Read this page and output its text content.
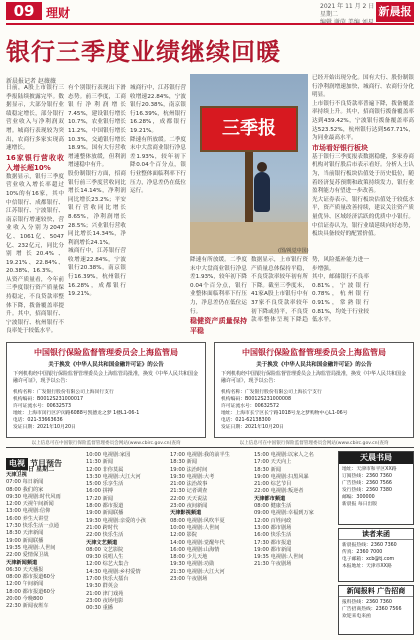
09 理财	2021 年 11 月 2 日 星期二	新晨报
银行三季度业绩继续回暖
新晨报记者 赵薇薇

日前，A股上市银行三季报陆续披露完毕。数据显示，大部分银行业绩稳定增长，部分银行营业收入与净利润双增。城商行表现较为突出，农商行多家实现高速增长。

16家银行营收收入增长超10%

数据显示，银行三季度营业收入增长率超过10%的有16家，其中中信银行、成都银行、江苏银行、宁波银行、南京银行增速较快，营业收入分别为2047亿、1061亿、5047亿、232亿元，同比分别增长20.4%、19.21%、22.84%、20.38%、16.3%。

从资产质量看，今年前三季度银行资产质量保持稳定，不良贷款率整体下降，拨备覆盖率提升。其中，招商银行、宁波银行、杭州银行不良率处于较低水平。

有个别银行表现出下滑态势。前三季度，工商银行净利润增长7.45%，建设银行增长10.7%，农业银行增长11.2%，中国银行增长10.3%，交通银行增长18.9%。国有大行营收增速整体放缓，但利润增速稳中有升。

股份制银行方面，招商银行前三季度营收同比增长14.14%，净利润同比增长23.2%；平安银行营收同比增长8.65%，净利润增长28.5%；兴业银行营收同比增长14.34%，净利润增长24.1%。

城商行中，江苏银行营收增速22.84%，宁波银行20.38%，南京银行16.39%，杭州银行16.28%，成都银行19.21%。

城商行中，江苏银行营收增速22.84%，宁波银行20.38%，南京银行16.39%，杭州银行16.28%，成都银行19.21%。

降速有所放缓。二季度末中大盘商业银行净息差1.93%，较年初下降0.04个百分点，银行业整体面临利率下行压力，净息差仍在低位运行。

三季报
(图/视觉中国)

降速有所放缓。二季度末中大盘商业银行净息差1.93%，较年初下降0.04个百分点，银行业整体面临利率下行压力，净息差仍在低位运行。

稳健资产质量保持平稳

数据显示，上市银行资产质量总体保持平稳，不良贷款率较年初有所下降。截至三季度末，41家A股上市银行中有37家不良贷款率较年初下降或持平，不良贷款率整体呈现下降趋势，风险抵补能力进一步增强。

其中，邮储银行不良率0.81%，宁波银行0.78%，杭州银行0.91%，常熟银行0.81%，均处于行业较低水平。

已经开始出现分化。国有大行、股份制银行净利润增速加快，城商行、农商行分化明显。

上市银行不良贷款率普遍下降，拨备覆盖率持续上升。其中，招商银行拨备覆盖率达到439.42%，宁波银行拨备覆盖率高达523.52%，杭州银行达到567.71%，为同业最高水平。

市场看好银行板块

基于银行三季度报表数据稳健，多家券商机构对银行股后市表示看好。分析人士认为，当前银行板块估值处于历史低位，随着经济复苏预期和政策持续发力，银行业盈利能力有望进一步改善。

光大证券表示，银行板块估值处于较低水平，资产质量改善持续，建议关注资产质量优异、区域经济活跃的优质中小银行。中信证券认为，银行业绩延续向好态势，板块具备较好的配置价值。

中国银行保险监督管理委员会上海监管局
关于换发《中华人民共和国金融许可证》的公告
下列机构经中国银行保险监督管理委员会上海监管局批准，换发《中华人民共和国金融许可证》，现予以公告：
机构名称：广发银行股份有限公司上海闵行支行
机构编码：B0012S231000017
许可证流水号：00632573
地址：上海市闵行区沪闵路6088号凯德龙之梦 1楼L1-06-1
电话：021-33663636
发证日期：2021年10月20日
中国银行保险监督管理委员会上海监管局
关于换发《中华人民共和国金融许可证》的公告
下列机构经中国银行保险监督管理委员会上海监管局批准，换发《中华人民共和国金融许可证》，现予以公告：
机构名称：广发银行股份有限公司上海长宁支行
机构编码：B0012S231000008
许可证流水号：00632572
地址：上海市长宁区长宁路1018号龙之梦购物中心L1-06号
电话：021-62138300
发证日期：2021年10月20日
以上信息可在中国银行保险监督管理委员会网站(www.cbirc.gov.cn)查询	以上信息可在中国银行保险监督管理委员会网站(www.cbirc.gov.cn)查询
电视 节目预告
一月二日 星期二
天津卫视
07:00 每日新闻
08:00 我们的家
09:30 电视剧:时代风雨
12:00 天视午间新闻
13:00 电视剧:信仰
16:00 养生大讲堂
17:30 快乐生活一点通
18:30 天津新闻
19:00 新闻联播
19:35 电视剧:人世间
22:00 爱情保卫战
天津新闻频道
06:30 天天播报
08:00 都市报道60分
12:00 午间新闻
18:00 都市报道60分
20:00 今晚800
22:30 新闻夜班车
10:00 电视剧:家园
11:30 新闻
12:00 非你莫属
13:30 电视剧:大江大河
15:00 乐享生活
16:00 拼搏
17:20 新闻
18:00 都市报道
19:00 新闻联播
19:30 电视剧:亲爱的小孩
21:00 跨时代
22:00 快乐生活
天津文艺频道
08:00 文艺影院
09:30 说唱人生
12:00 综艺大集合
14:30 电视剧:乡村爱情
17:00 快乐大擂台
19:30 群英会
21:00 津门戏苑
23:00 夜场电影
00:30 重播
17:00 电视剧:我的前半生
18:30 新闻
19:00 法治时间
19:30 电视剧:大考
21:00 法治故事
21:30 记者调查
22:00 天天说法
23:00 夜间新闻
天津影视频道
08:00 电视剧:风吹半夏
10:00 电视剧:人世间
12:00 影院
14:00 电视剧:觉醒年代
16:00 电视剧:山海情
18:00 少儿天地
19:30 电视剧:功勋
21:30 电视剧:大江大河
23:00 午夜剧场
15:00 电视剧:以家人之名
17:00 天天向上
18:30 新闻
19:00 电视剧:扫黑风暴
21:00 综艺节目
22:00 电视剧:叛逆者
天津都市频道
08:00 健康生活
09:00 电视剧:幸福到万家
12:00 百姓问政
13:00 都市剧场
16:00 快乐生活
17:30 都市报道
19:00 都市新闻
19:35 电视剧:人世间
21:30 午夜剧场
天晨书局
地址：天津市和平区XX路
订阅热线：2360 7360
广告热线：2360 7566
发行热线：2360 7380
邮编：300000
新晨报 每日出版
读者来函
新晨报热线：2360 7360
传真：2360 7000
电子邮箱：xcb@tj.com
本报地址：天津市XX路
新闻报料 广告招商
报料热线：2360 7360
广告招商热线：2360 7566
欢迎来电来函
